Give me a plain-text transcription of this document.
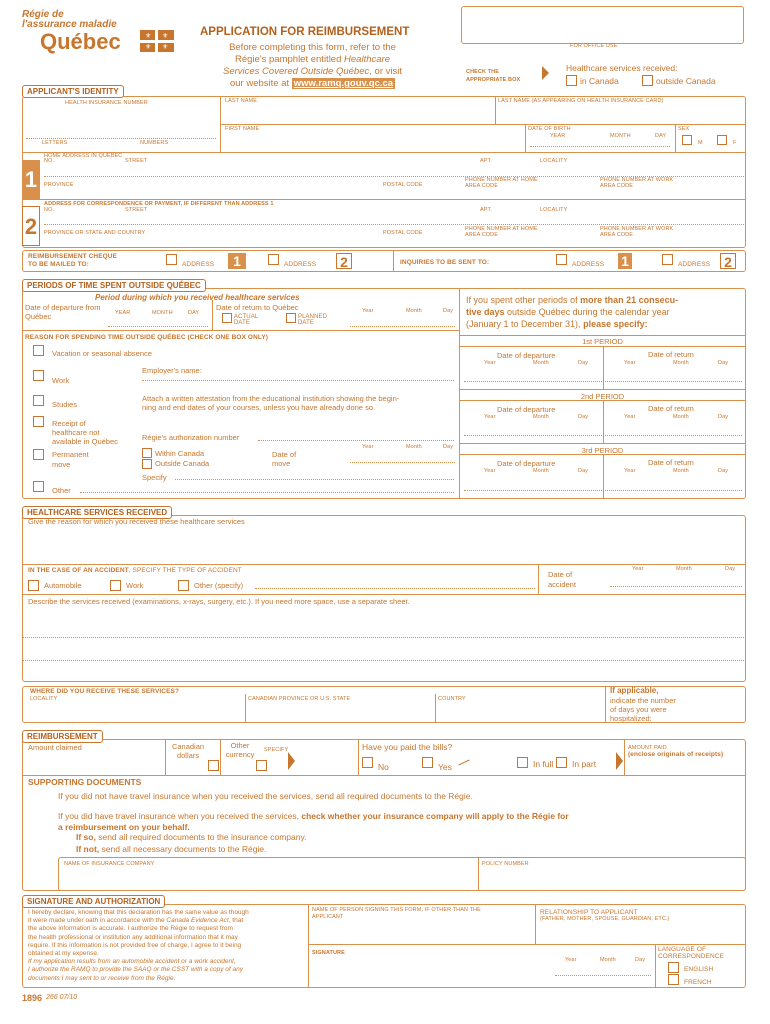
Régie de
l'assurance maladie
Québec	⚜ ⚜
⚜ ⚜
APPLICATION FOR REIMBURSEMENT
Before completing this form, refer to the
Régie's pamphlet entitled Healthcare
Services Covered Outside Québec, or visit
our website at www.ramq.gouv.qc.ca
FOR OFFICE USE
CHECK THE
APPROPRIATE BOX
Healthcare services received:
in Canada	outside Canada
APPLICANT'S IDENTITY
HEALTH INSURANCE NUMBER	LAST NAME	LAST NAME (AS APPEARING ON HEALTH INSURANCE CARD)
FIRST NAME	DATE OF BIRTH
YEAR	MONTH	DAY
SEX
M	F
LETTERS	NUMBERS
1
HOME ADDRESS IN QUÉBEC
NO.	STREET	APT.	LOCALITY
PROVINCE	POSTAL CODE
PHONE NUMBER AT HOME
AREA CODE
PHONE NUMBER AT WORK
AREA CODE
2
ADDRESS FOR CORRESPONDENCE OR PAYMENT, IF DIFFERENT THAN ADDRESS 1
NO.	STREET	APT.	LOCALITY
PROVINCE OR STATE AND COUNTRY	POSTAL CODE
PHONE NUMBER AT HOME
AREA CODE
PHONE NUMBER AT WORK
AREA CODE
REIMBURSEMENT CHEQUE
TO BE MAILED TO:	ADDRESS	1	ADDRESS 2	INQUIRIES TO BE SENT TO:	ADDRESS 1	ADDRESS 2
PERIODS OF TIME SPENT OUTSIDE QUÉBEC
Period during which you received healthcare services
Date of departure from Québec	YEAR	MONTH	DAY
Date of return to Québec
ACTUAL DATE
PLANNED DATE
Year	Month	Day
If you spent other periods of more than 21 consecu-
tive days outside Québec during the calendar year
(January 1 to December 31), please specify:
REASON FOR SPENDING TIME OUTSIDE QUÉBEC (CHECK ONE BOX ONLY)
Vacation or seasonal absence
Work
Employer's name:
Studies
Attach a written attestation from the educational institution showing the begin-
ning and end dates of your courses, unless you have already done so.
Receipt of
healthcare not
available in Québec	Régie's authorization number
Permanent
move
Within Canada
Outside Canada
Date of
move
Year	Month	Day
Specify
Other
1st PERIOD
Date of departure	Date of return
Year	Month	Day	Year	Month	Day
2nd PERIOD
Date of departure	Date of return
Year	Month	Day	Year	Month	Day
3rd PERIOD
Date of departure	Date of return
Year	Month	Day	Year	Month	Day
HEALTHCARE SERVICES RECEIVED
Give the reason for which you received these healthcare services
IN THE CASE OF AN ACCIDENT, SPECIFY THE TYPE OF ACCIDENT
Automobile	Work	Other (specify)
Date of
accident
Year	Month	Day
Describe the services received (examinations, x-rays, surgery, etc.). If you need more space, use a separate sheet.
WHERE DID YOU RECEIVE THESE SERVICES?
LOCALITY	CANADIAN PROVINCE OR U.S. STATE	COUNTRY
If applicable,
indicate the number
of days you were
hospitalized:
REIMBURSEMENT
Amount claimed	Canadian
dollars
Other
currency	SPECIFY	Have you paid the bills?
No	Yes	In full In part
AMOUNT PAID
(enclose originals of receipts)
SUPPORTING DOCUMENTS
If you did not have travel insurance when you received the services, send all required documents to the Régie.
If you did have travel insurance when you received the services, check whether your insurance company will apply to the Régie for
a reimbursement on your behalf.
If so, send all required documents to the insurance company.
If not, send all necessary documents to the Régie.
NAME OF INSURANCE COMPANY	POLICY NUMBER
SIGNATURE AND AUTHORIZATION
I hereby declare, knowing that this declaration has the same value as though
it were made under oath in accordance with the Canada Evidence Act, that
the above information is accurate. I authorize the Régie to request from
the health professional or institution any additional information that it may
require. If this information is not provided free of charge, I agree to it being
obtained at my expense.
If my application results from an automobile accident or a work accident,
I authorize the RAMQ to provide the SAAQ or the CSST with a copy of any
documents I may sent to or receive from the Régie.
NAME OF PERSON SIGNING THIS FORM, IF OTHER THAN THE
APPLICANT
RELATIONSHIP TO APPLICANT
(FATHER, MOTHER, SPOUSE, GUARDIAN, ETC.)
SIGNATURE
Year	Month	Day
LANGUAGE OF
CORRESPONDENCE
ENGLISH
FRENCH
1896 266 07/10
